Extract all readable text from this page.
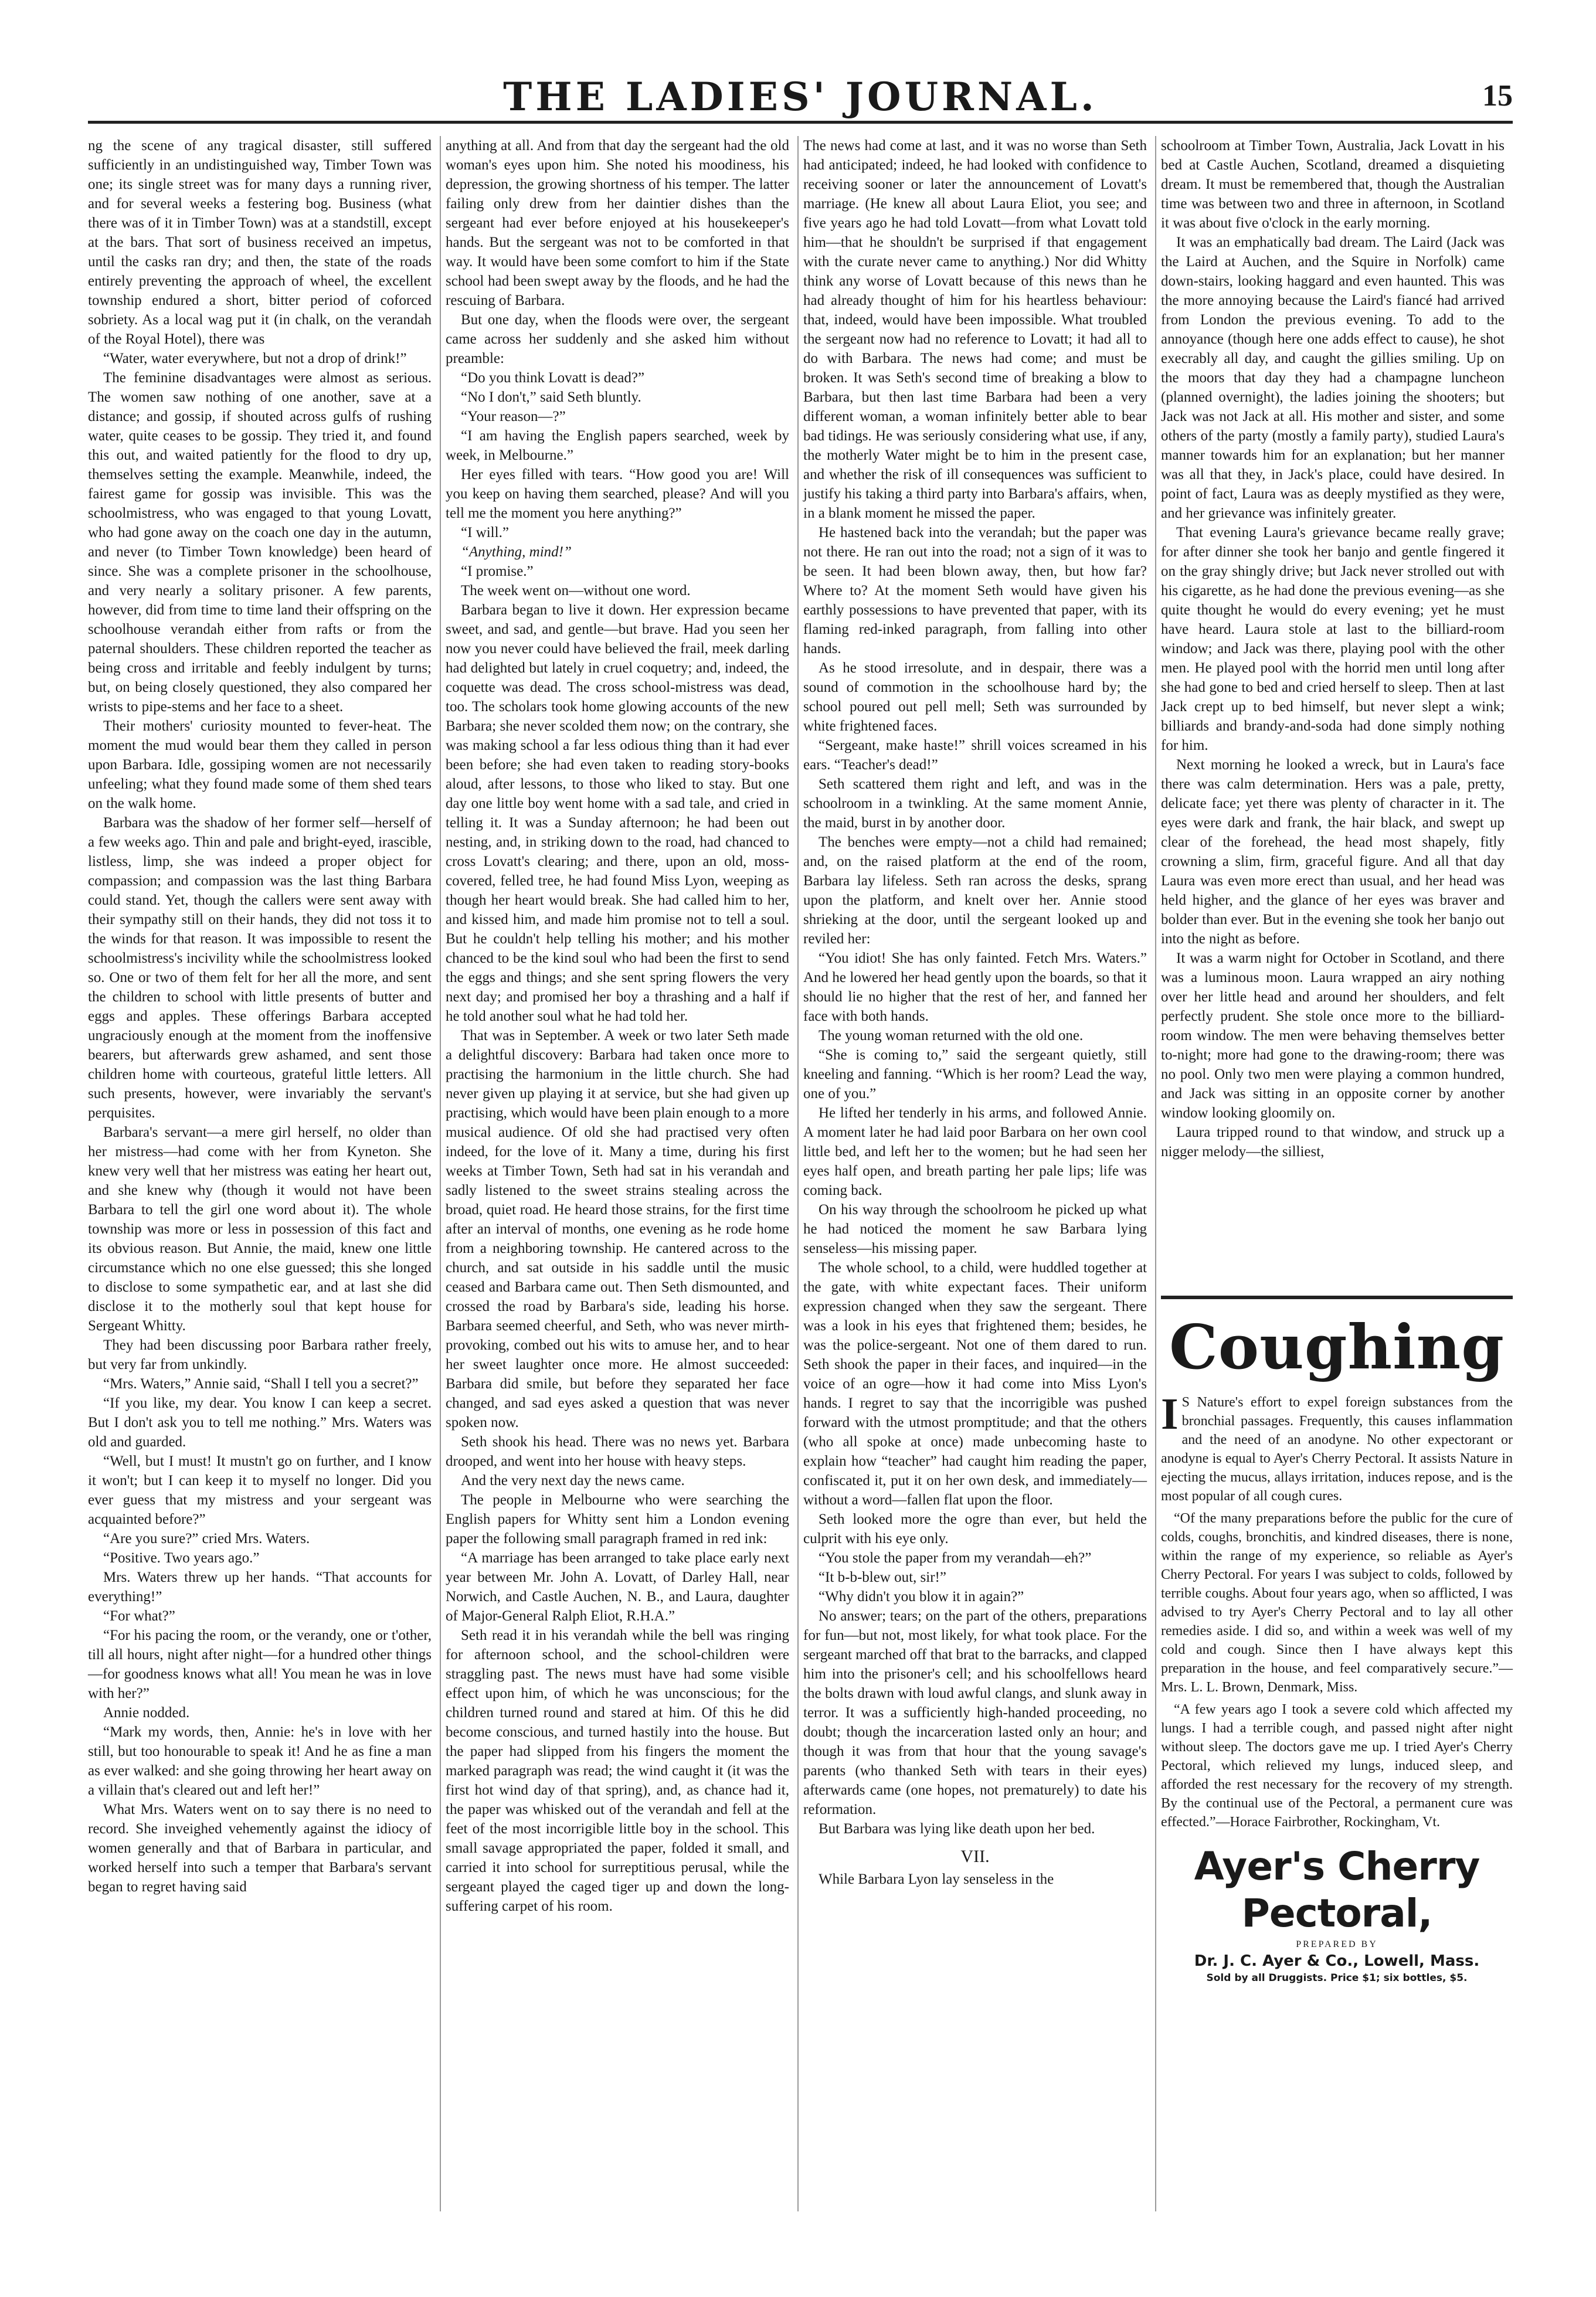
THE LADIES' JOURNAL.	15

ng the scene of any tragical disaster, still suffered sufficiently in an undistinguished way, Timber Town was one; its single street was for many days a running river, and for several weeks a festering bog. Business (what there was of it in Timber Town) was at a standstill, except at the bars. That sort of business received an impetus, until the casks ran dry; and then, the state of the roads entirely preventing the approach of wheel, the excellent township endured a short, bitter period of coforced sobriety. As a local wag put it (in chalk, on the verandah of the Royal Hotel), there was

“Water, water everywhere, but not a drop of drink!”

The feminine disadvantages were almost as serious. The women saw nothing of one another, save at a distance; and gossip, if shouted across gulfs of rushing water, quite ceases to be gossip. They tried it, and found this out, and waited patiently for the flood to dry up, themselves setting the example. Meanwhile, indeed, the fairest game for gossip was invisible. This was the schoolmistress, who was engaged to that young Lovatt, who had gone away on the coach one day in the autumn, and never (to Timber Town knowledge) been heard of since. She was a complete prisoner in the schoolhouse, and very nearly a solitary prisoner. A few parents, however, did from time to time land their offspring on the schoolhouse verandah either from rafts or from the paternal shoulders. These children reported the teacher as being cross and irritable and feebly indulgent by turns; but, on being closely questioned, they also compared her wrists to pipe-stems and her face to a sheet.

Their mothers' curiosity mounted to fever-heat. The moment the mud would bear them they called in person upon Barbara. Idle, gossiping women are not necessarily unfeeling; what they found made some of them shed tears on the walk home.

Barbara was the shadow of her former self—herself of a few weeks ago. Thin and pale and bright-eyed, irascible, listless, limp, she was indeed a proper object for compassion; and compassion was the last thing Barbara could stand. Yet, though the callers were sent away with their sympathy still on their hands, they did not toss it to the winds for that reason. It was impossible to resent the schoolmistress's incivility while the schoolmistress looked so. One or two of them felt for her all the more, and sent the children to school with little presents of butter and eggs and apples. These offerings Barbara accepted ungraciously enough at the moment from the inoffensive bearers, but afterwards grew ashamed, and sent those children home with courteous, grateful little letters. All such presents, however, were invariably the servant's perquisites.

Barbara's servant—a mere girl herself, no older than her mistress—had come with her from Kyneton. She knew very well that her mistress was eating her heart out, and she knew why (though it would not have been Barbara to tell the girl one word about it). The whole township was more or less in possession of this fact and its obvious reason. But Annie, the maid, knew one little circumstance which no one else guessed; this she longed to disclose to some sympathetic ear, and at last she did disclose it to the motherly soul that kept house for Sergeant Whitty.

They had been discussing poor Barbara rather freely, but very far from unkindly.

“Mrs. Waters,” Annie said, “Shall I tell you a secret?”

“If you like, my dear. You know I can keep a secret. But I don't ask you to tell me nothing.” Mrs. Waters was old and guarded.

“Well, but I must! It mustn't go on further, and I know it won't; but I can keep it to myself no longer. Did you ever guess that my mistress and your sergeant was acquainted before?”

“Are you sure?” cried Mrs. Waters.

“Positive. Two years ago.”

Mrs. Waters threw up her hands. “That accounts for everything!”

“For what?”

“For his pacing the room, or the verandy, one or t'other, till all hours, night after night—for a hundred other things—for goodness knows what all! You mean he was in love with her?”

Annie nodded.

“Mark my words, then, Annie: he's in love with her still, but too honourable to speak it! And he as fine a man as ever walked: and she going throwing her heart away on a villain that's cleared out and left her!”

What Mrs. Waters went on to say there is no need to record. She inveighed vehemently against the idiocy of women generally and that of Barbara in particular, and worked herself into such a temper that Barbara's servant began to regret having said

anything at all. And from that day the sergeant had the old woman's eyes upon him. She noted his moodiness, his depression, the growing shortness of his temper. The latter failing only drew from her daintier dishes than the sergeant had ever before enjoyed at his housekeeper's hands. But the sergeant was not to be comforted in that way. It would have been some comfort to him if the State school had been swept away by the floods, and he had the rescuing of Barbara.

But one day, when the floods were over, the sergeant came across her suddenly and she asked him without preamble:

“Do you think Lovatt is dead?”

“No I don't,” said Seth bluntly.

“Your reason—?”

“I am having the English papers searched, week by week, in Melbourne.”

Her eyes filled with tears. “How good you are! Will you keep on having them searched, please? And will you tell me the moment you here anything?”

“I will.”

“Anything, mind!”

“I promise.”

The week went on—without one word.

Barbara began to live it down. Her expression became sweet, and sad, and gentle—but brave. Had you seen her now you never could have believed the frail, meek darling had delighted but lately in cruel coquetry; and, indeed, the coquette was dead. The cross school-mistress was dead, too. The scholars took home glowing accounts of the new Barbara; she never scolded them now; on the contrary, she was making school a far less odious thing than it had ever been before; she had even taken to reading story-books aloud, after lessons, to those who liked to stay. But one day one little boy went home with a sad tale, and cried in telling it. It was a Sunday afternoon; he had been out nesting, and, in striking down to the road, had chanced to cross Lovatt's clearing; and there, upon an old, moss-covered, felled tree, he had found Miss Lyon, weeping as though her heart would break. She had called him to her, and kissed him, and made him promise not to tell a soul. But he couldn't help telling his mother; and his mother chanced to be the kind soul who had been the first to send the eggs and things; and she sent spring flowers the very next day; and promised her boy a thrashing and a half if he told another soul what he had told her.

That was in September. A week or two later Seth made a delightful discovery: Barbara had taken once more to practising the harmonium in the little church. She had never given up playing it at service, but she had given up practising, which would have been plain enough to a more musical audience. Of old she had practised very often indeed, for the love of it. Many a time, during his first weeks at Timber Town, Seth had sat in his verandah and sadly listened to the sweet strains stealing across the broad, quiet road. He heard those strains, for the first time after an interval of months, one evening as he rode home from a neighboring township. He cantered across to the church, and sat outside in his saddle until the music ceased and Barbara came out. Then Seth dismounted, and crossed the road by Barbara's side, leading his horse. Barbara seemed cheerful, and Seth, who was never mirth-provoking, combed out his wits to amuse her, and to hear her sweet laughter once more. He almost succeeded: Barbara did smile, but before they separated her face changed, and sad eyes asked a question that was never spoken now.

Seth shook his head. There was no news yet. Barbara drooped, and went into her house with heavy steps.

And the very next day the news came.

The people in Melbourne who were searching the English papers for Whitty sent him a London evening paper the following small paragraph framed in red ink:

“A marriage has been arranged to take place early next year between Mr. John A. Lovatt, of Darley Hall, near Norwich, and Castle Auchen, N. B., and Laura, daughter of Major-General Ralph Eliot, R.H.A.”

Seth read it in his verandah while the bell was ringing for afternoon school, and the school-children were straggling past. The news must have had some visible effect upon him, of which he was unconscious; for the children turned round and stared at him. Of this he did become conscious, and turned hastily into the house. But the paper had slipped from his fingers the moment the marked paragraph was read; the wind caught it (it was the first hot wind day of that spring), and, as chance had it, the paper was whisked out of the verandah and fell at the feet of the most incorrigible little boy in the school. This small savage appropriated the paper, folded it small, and carried it into school for surreptitious perusal, while the sergeant played the caged tiger up and down the long-suffering carpet of his room.

The news had come at last, and it was no worse than Seth had anticipated; indeed, he had looked with confidence to receiving sooner or later the announcement of Lovatt's marriage. (He knew all about Laura Eliot, you see; and five years ago he had told Lovatt—from what Lovatt told him—that he shouldn't be surprised if that engagement with the curate never came to anything.) Nor did Whitty think any worse of Lovatt because of this news than he had already thought of him for his heartless behaviour: that, indeed, would have been impossible. What troubled the sergeant now had no reference to Lovatt; it had all to do with Barbara. The news had come; and must be broken. It was Seth's second time of breaking a blow to Barbara, but then last time Barbara had been a very different woman, a woman infinitely better able to bear bad tidings. He was seriously considering what use, if any, the motherly Water might be to him in the present case, and whether the risk of ill consequences was sufficient to justify his taking a third party into Barbara's affairs, when, in a blank moment he missed the paper.

He hastened back into the verandah; but the paper was not there. He ran out into the road; not a sign of it was to be seen. It had been blown away, then, but how far? Where to? At the moment Seth would have given his earthly possessions to have prevented that paper, with its flaming red-inked paragraph, from falling into other hands.

As he stood irresolute, and in despair, there was a sound of commotion in the schoolhouse hard by; the school poured out pell mell; Seth was surrounded by white frightened faces.

“Sergeant, make haste!” shrill voices screamed in his ears. “Teacher's dead!”

Seth scattered them right and left, and was in the schoolroom in a twinkling. At the same moment Annie, the maid, burst in by another door.

The benches were empty—not a child had remained; and, on the raised platform at the end of the room, Barbara lay lifeless. Seth ran across the desks, sprang upon the platform, and knelt over her. Annie stood shrieking at the door, until the sergeant looked up and reviled her:

“You idiot! She has only fainted. Fetch Mrs. Waters.” And he lowered her head gently upon the boards, so that it should lie no higher that the rest of her, and fanned her face with both hands.

The young woman returned with the old one.

“She is coming to,” said the sergeant quietly, still kneeling and fanning. “Which is her room? Lead the way, one of you.”

He lifted her tenderly in his arms, and followed Annie. A moment later he had laid poor Barbara on her own cool little bed, and left her to the women; but he had seen her eyes half open, and breath parting her pale lips; life was coming back.

On his way through the schoolroom he picked up what he had noticed the moment he saw Barbara lying senseless—his missing paper.

The whole school, to a child, were huddled together at the gate, with white expectant faces. Their uniform expression changed when they saw the sergeant. There was a look in his eyes that frightened them; besides, he was the police-sergeant. Not one of them dared to run. Seth shook the paper in their faces, and inquired—in the voice of an ogre—how it had come into Miss Lyon's hands. I regret to say that the incorrigible was pushed forward with the utmost promptitude; and that the others (who all spoke at once) made unbecoming haste to explain how “teacher” had caught him reading the paper, confiscated it, put it on her own desk, and immediately—without a word—fallen flat upon the floor.

Seth looked more the ogre than ever, but held the culprit with his eye only.

“You stole the paper from my verandah—eh?”

“It b-b-blew out, sir!”

“Why didn't you blow it in again?”

No answer; tears; on the part of the others, preparations for fun—but not, most likely, for what took place. For the sergeant marched off that brat to the barracks, and clapped him into the prisoner's cell; and his schoolfellows heard the bolts drawn with loud awful clangs, and slunk away in terror. It was a sufficiently high-handed proceeding, no doubt; though the incarceration lasted only an hour; and though it was from that hour that the young savage's parents (who thanked Seth with tears in their eyes) afterwards came (one hopes, not prematurely) to date his reformation.

But Barbara was lying like death upon her bed.

VII.

While Barbara Lyon lay senseless in the

schoolroom at Timber Town, Australia, Jack Lovatt in his bed at Castle Auchen, Scotland, dreamed a disquieting dream. It must be remembered that, though the Australian time was between two and three in afternoon, in Scotland it was about five o'clock in the early morning.

It was an emphatically bad dream. The Laird (Jack was the Laird at Auchen, and the Squire in Norfolk) came down-stairs, looking haggard and even haunted. This was the more annoying because the Laird's fiancé had arrived from London the previous evening. To add to the annoyance (though here one adds effect to cause), he shot execrably all day, and caught the gillies smiling. Up on the moors that day they had a champagne luncheon (planned overnight), the ladies joining the shooters; but Jack was not Jack at all. His mother and sister, and some others of the party (mostly a family party), studied Laura's manner towards him for an explanation; but her manner was all that they, in Jack's place, could have desired. In point of fact, Laura was as deeply mystified as they were, and her grievance was infinitely greater.

That evening Laura's grievance became really grave; for after dinner she took her banjo and gentle fingered it on the gray shingly drive; but Jack never strolled out with his cigarette, as he had done the previous evening—as she quite thought he would do every evening; yet he must have heard. Laura stole at last to the billiard-room window; and Jack was there, playing pool with the other men. He played pool with the horrid men until long after she had gone to bed and cried herself to sleep. Then at last Jack crept up to bed himself, but never slept a wink; billiards and brandy-and-soda had done simply nothing for him.

Next morning he looked a wreck, but in Laura's face there was calm determination. Hers was a pale, pretty, delicate face; yet there was plenty of character in it. The eyes were dark and frank, the hair black, and swept up clear of the forehead, the head most shapely, fitly crowning a slim, firm, graceful figure. And all that day Laura was even more erect than usual, and her head was held higher, and the glance of her eyes was braver and bolder than ever. But in the evening she took her banjo out into the night as before.

It was a warm night for October in Scotland, and there was a luminous moon. Laura wrapped an airy nothing over her little head and around her shoulders, and felt perfectly prudent. She stole once more to the billiard-room window. The men were behaving themselves better to-night; more had gone to the drawing-room; there was no pool. Only two men were playing a common hundred, and Jack was sitting in an opposite corner by another window looking gloomily on.

Laura tripped round to that window, and struck up a nigger melody—the silliest,

Coughing

I S Nature's effort to expel foreign substances from the bronchial passages. Frequently, this causes inflammation and the need of an anodyne. No other expectorant or anodyne is equal to Ayer's Cherry Pectoral. It assists Nature in ejecting the mucus, allays irritation, induces repose, and is the most popular of all cough cures.

“Of the many preparations before the public for the cure of colds, coughs, bronchitis, and kindred diseases, there is none, within the range of my experience, so reliable as Ayer's Cherry Pectoral. For years I was subject to colds, followed by terrible coughs. About four years ago, when so afflicted, I was advised to try Ayer's Cherry Pectoral and to lay all other remedies aside. I did so, and within a week was well of my cold and cough. Since then I have always kept this preparation in the house, and feel comparatively secure.”—Mrs. L. L. Brown, Denmark, Miss.

“A few years ago I took a severe cold which affected my lungs. I had a terrible cough, and passed night after night without sleep. The doctors gave me up. I tried Ayer's Cherry Pectoral, which relieved my lungs, induced sleep, and afforded the rest necessary for the recovery of my strength. By the continual use of the Pectoral, a permanent cure was effected.”—Horace Fairbrother, Rockingham, Vt.

Ayer's Cherry Pectoral,
PREPARED BY
Dr. J. C. Ayer & Co., Lowell, Mass.
Sold by all Druggists. Price $1; six bottles, $5.
